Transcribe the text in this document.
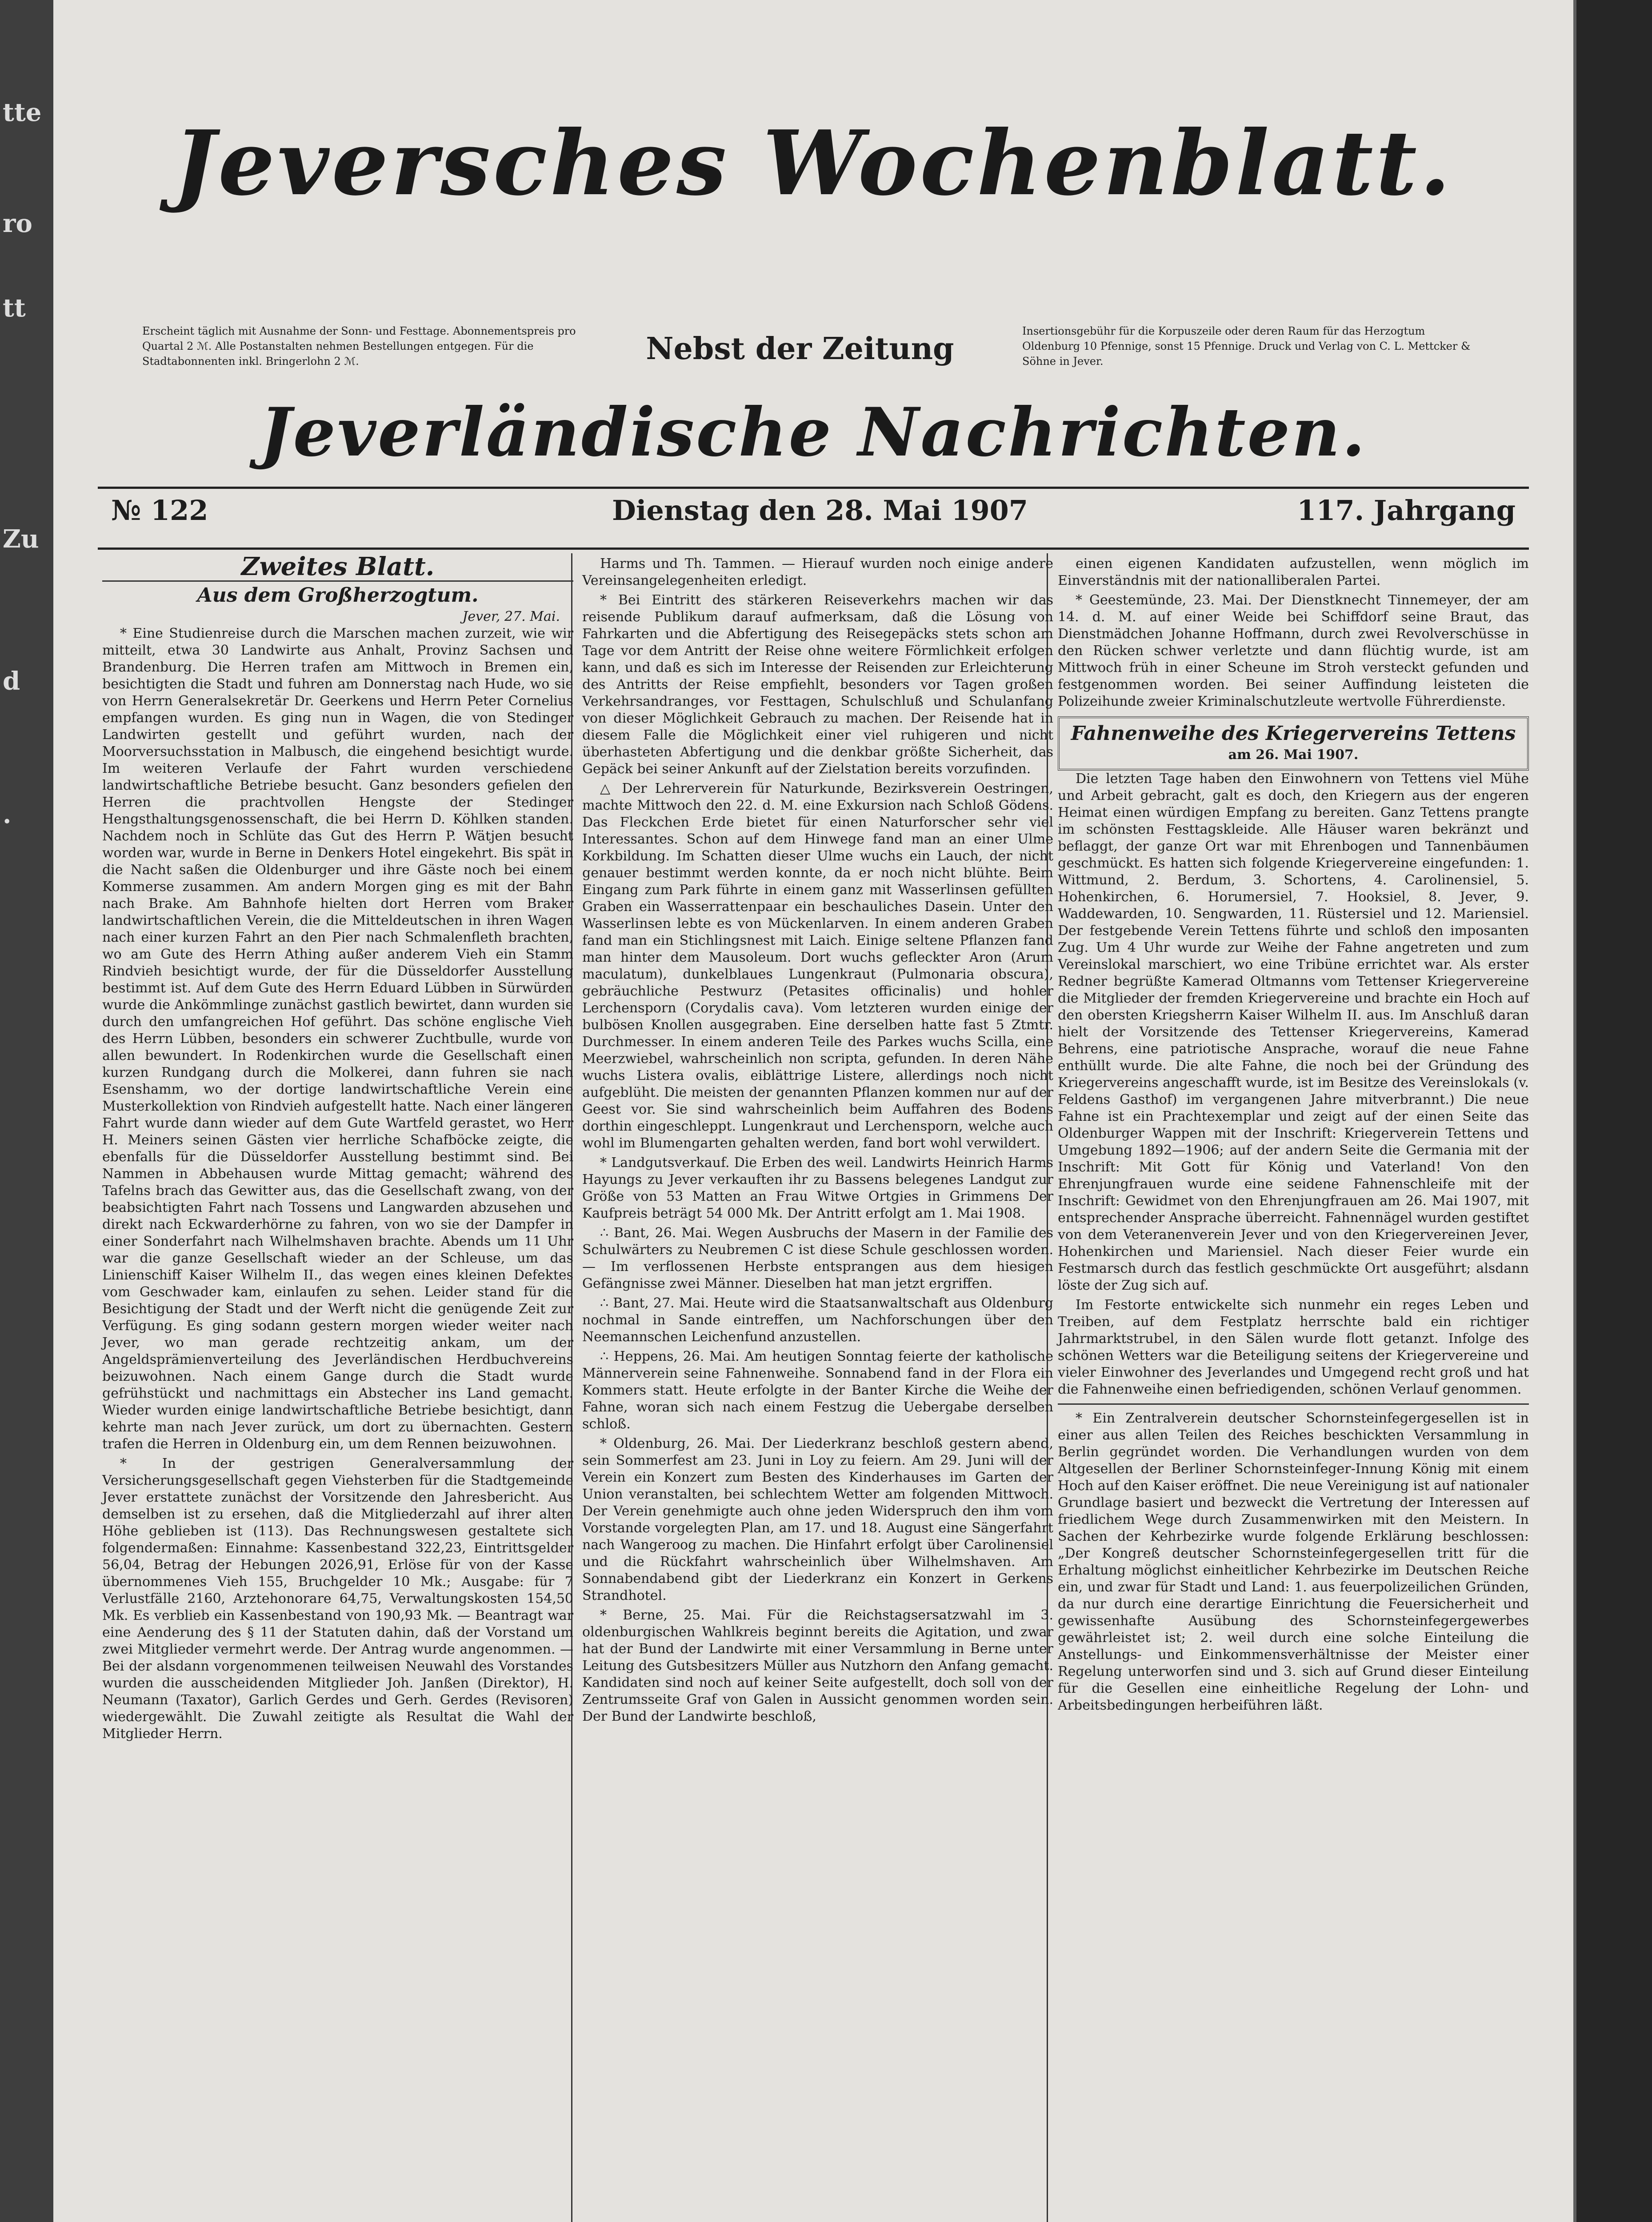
tte
ro
tt
Zu
d
.
Jeversches Wochenblatt.
Erscheint täglich mit Ausnahme der Sonn- und Festtage. Abonnementspreis pro Quartal 2 ℳ. Alle Postanstalten nehmen Bestellungen entgegen. Für die Stadtabonnenten inkl. Bringerlohn 2 ℳ.	Nebst der Zeitung	Insertionsgebühr für die Korpuszeile oder deren Raum für das Herzogtum Oldenburg 10 Pfennige, sonst 15 Pfennige. Druck und Verlag von C. L. Mettcker & Söhne in Jever.
Jeverländische Nachrichten.
№ 122	Dienstag den 28. Mai 1907	117. Jahrgang
Zweites Blatt.
Aus dem Großherzogtum.
Jever, 27. Mai.

* Eine Studienreise durch die Marschen machen zurzeit, wie wir mitteilt, etwa 30 Landwirte aus Anhalt, Provinz Sachsen und Brandenburg. Die Herren trafen am Mittwoch in Bremen ein, besichtigten die Stadt und fuhren am Donnerstag nach Hude, wo sie von Herrn Generalsekretär Dr. Geerkens und Herrn Peter Cornelius empfangen wurden. Es ging nun in Wagen, die von Stedinger Landwirten gestellt und geführt wurden, nach der Moorversuchsstation in Malbusch, die eingehend besichtigt wurde. Im weiteren Verlaufe der Fahrt wurden verschiedene landwirtschaftliche Betriebe besucht. Ganz besonders gefielen den Herren die prachtvollen Hengste der Stedinger Hengsthaltungsgenossenschaft, die bei Herrn D. Köhlken standen. Nachdem noch in Schlüte das Gut des Herrn P. Wätjen besucht worden war, wurde in Berne in Denkers Hotel eingekehrt. Bis spät in die Nacht saßen die Oldenburger und ihre Gäste noch bei einem Kommerse zusammen. Am andern Morgen ging es mit der Bahn nach Brake. Am Bahnhofe hielten dort Herren vom Braker landwirtschaftlichen Verein, die die Mitteldeutschen in ihren Wagen nach einer kurzen Fahrt an den Pier nach Schmalenfleth brachten, wo am Gute des Herrn Athing außer anderem Vieh ein Stamm Rindvieh besichtigt wurde, der für die Düsseldorfer Ausstellung bestimmt ist. Auf dem Gute des Herrn Eduard Lübben in Sürwürden wurde die Ankömmlinge zunächst gastlich bewirtet, dann wurden sie durch den umfangreichen Hof geführt. Das schöne englische Vieh des Herrn Lübben, besonders ein schwerer Zuchtbulle, wurde von allen bewundert. In Rodenkirchen wurde die Gesellschaft einen kurzen Rundgang durch die Molkerei, dann fuhren sie nach Esenshamm, wo der dortige landwirtschaftliche Verein eine Musterkollektion von Rindvieh aufgestellt hatte. Nach einer längeren Fahrt wurde dann wieder auf dem Gute Wartfeld gerastet, wo Herr H. Meiners seinen Gästen vier herrliche Schafböcke zeigte, die ebenfalls für die Düsseldorfer Ausstellung bestimmt sind. Bei Nammen in Abbehausen wurde Mittag gemacht; während des Tafelns brach das Gewitter aus, das die Gesellschaft zwang, von der beabsichtigten Fahrt nach Tossens und Langwarden abzusehen und direkt nach Eckwarderhörne zu fahren, von wo sie der Dampfer in einer Sonderfahrt nach Wilhelmshaven brachte. Abends um 11 Uhr war die ganze Gesellschaft wieder an der Schleuse, um das Linienschiff Kaiser Wilhelm II., das wegen eines kleinen Defektes vom Geschwader kam, einlaufen zu sehen. Leider stand für die Besichtigung der Stadt und der Werft nicht die genügende Zeit zur Verfügung. Es ging sodann gestern morgen wieder weiter nach Jever, wo man gerade rechtzeitig ankam, um der Angeldsprämienverteilung des Jeverländischen Herdbuchvereins beizuwohnen. Nach einem Gange durch die Stadt wurde gefrühstückt und nachmittags ein Abstecher ins Land gemacht. Wieder wurden einige landwirtschaftliche Betriebe besichtigt, dann kehrte man nach Jever zurück, um dort zu übernachten. Gestern trafen die Herren in Oldenburg ein, um dem Rennen beizuwohnen.

* In der gestrigen Generalversammlung der Versicherungsgesellschaft gegen Viehsterben für die Stadtgemeinde Jever erstattete zunächst der Vorsitzende den Jahresbericht. Aus demselben ist zu ersehen, daß die Mitgliederzahl auf ihrer alten Höhe geblieben ist (113). Das Rechnungswesen gestaltete sich folgendermaßen: Einnahme: Kassenbestand 322,23, Eintrittsgelder 56,04, Betrag der Hebungen 2026,91, Erlöse für von der Kasse übernommenes Vieh 155, Bruchgelder 10 Mk.; Ausgabe: für 7 Verlustfälle 2160, Arztehonorare 64,75, Verwaltungskosten 154,50 Mk. Es verblieb ein Kassenbestand von 190,93 Mk. — Beantragt war eine Aenderung des § 11 der Statuten dahin, daß der Vorstand um zwei Mitglieder vermehrt werde. Der Antrag wurde angenommen. — Bei der alsdann vorgenommenen teilweisen Neuwahl des Vorstandes wurden die ausscheidenden Mitglieder Joh. Janßen (Direktor), H. Neumann (Taxator), Garlich Gerdes und Gerh. Gerdes (Revisoren) wiedergewählt. Die Zuwahl zeitigte als Resultat die Wahl der Mitglieder Herrn.

Harms und Th. Tammen. — Hierauf wurden noch einige andere Vereinsangelegenheiten erledigt.

* Bei Eintritt des stärkeren Reiseverkehrs machen wir das reisende Publikum darauf aufmerksam, daß die Lösung von Fahrkarten und die Abfertigung des Reisegepäcks stets schon am Tage vor dem Antritt der Reise ohne weitere Förmlichkeit erfolgen kann, und daß es sich im Interesse der Reisenden zur Erleichterung des Antritts der Reise empfiehlt, besonders vor Tagen großen Verkehrsandranges, vor Festtagen, Schulschluß und Schulanfang von dieser Möglichkeit Gebrauch zu machen. Der Reisende hat in diesem Falle die Möglichkeit einer viel ruhigeren und nicht überhasteten Abfertigung und die denkbar größte Sicherheit, das Gepäck bei seiner Ankunft auf der Zielstation bereits vorzufinden.

△ Der Lehrerverein für Naturkunde, Bezirksverein Oestringen, machte Mittwoch den 22. d. M. eine Exkursion nach Schloß Gödens. Das Fleckchen Erde bietet für einen Naturforscher sehr viel Interessantes. Schon auf dem Hinwege fand man an einer Ulme Korkbildung. Im Schatten dieser Ulme wuchs ein Lauch, der nicht genauer bestimmt werden konnte, da er noch nicht blühte. Beim Eingang zum Park führte in einem ganz mit Wasserlinsen gefüllten Graben ein Wasserrattenpaar ein beschauliches Dasein. Unter den Wasserlinsen lebte es von Mückenlarven. In einem anderen Graben fand man ein Stichlingsnest mit Laich. Einige seltene Pflanzen fand man hinter dem Mausoleum. Dort wuchs gefleckter Aron (Arum maculatum), dunkelblaues Lungenkraut (Pulmonaria obscura), gebräuchliche Pestwurz (Petasites officinalis) und hohler Lerchensporn (Corydalis cava). Vom letzteren wurden einige der bulbösen Knollen ausgegraben. Eine derselben hatte fast 5 Ztmtr. Durchmesser. In einem anderen Teile des Parkes wuchs Scilla, eine Meerzwiebel, wahrscheinlich non scripta, gefunden. In deren Nähe wuchs Listera ovalis, eiblättrige Listere, allerdings noch nicht aufgeblüht. Die meisten der genannten Pflanzen kommen nur auf der Geest vor. Sie sind wahrscheinlich beim Auffahren des Bodens dorthin eingeschleppt. Lungenkraut und Lerchensporn, welche auch wohl im Blumengarten gehalten werden, fand bort wohl verwildert.

* Landgutsverkauf. Die Erben des weil. Landwirts Heinrich Harms Hayungs zu Jever verkauften ihr zu Bassens belegenes Landgut zur Größe von 53 Matten an Frau Witwe Ortgies in Grimmens Der Kaufpreis beträgt 54 000 Mk. Der Antritt erfolgt am 1. Mai 1908.

∴ Bant, 26. Mai. Wegen Ausbruchs der Masern in der Familie des Schulwärters zu Neubremen C ist diese Schule geschlossen worden. — Im verflossenen Herbste entsprangen aus dem hiesigen Gefängnisse zwei Männer. Dieselben hat man jetzt ergriffen.

∴ Bant, 27. Mai. Heute wird die Staatsanwaltschaft aus Oldenburg nochmal in Sande eintreffen, um Nachforschungen über den Neemannschen Leichenfund anzustellen.

∴ Heppens, 26. Mai. Am heutigen Sonntag feierte der katholische Männerverein seine Fahnenweihe. Sonnabend fand in der Flora ein Kommers statt. Heute erfolgte in der Banter Kirche die Weihe der Fahne, woran sich nach einem Festzug die Uebergabe derselben schloß.

* Oldenburg, 26. Mai. Der Liederkranz beschloß gestern abend, sein Sommerfest am 23. Juni in Loy zu feiern. Am 29. Juni will der Verein ein Konzert zum Besten des Kinderhauses im Garten der Union veranstalten, bei schlechtem Wetter am folgenden Mittwoch. Der Verein genehmigte auch ohne jeden Widerspruch den ihm vom Vorstande vorgelegten Plan, am 17. und 18. August eine Sängerfahrt nach Wangeroog zu machen. Die Hinfahrt erfolgt über Carolinensiel und die Rückfahrt wahrscheinlich über Wilhelmshaven. Am Sonnabendabend gibt der Liederkranz ein Konzert in Gerkens Strandhotel.

* Berne, 25. Mai. Für die Reichstagsersatzwahl im 3. oldenburgischen Wahlkreis beginnt bereits die Agitation, und zwar hat der Bund der Landwirte mit einer Versammlung in Berne unter Leitung des Gutsbesitzers Müller aus Nutzhorn den Anfang gemacht. Kandidaten sind noch auf keiner Seite aufgestellt, doch soll von der Zentrumsseite Graf von Galen in Aussicht genommen worden sein. Der Bund der Landwirte beschloß,

einen eigenen Kandidaten aufzustellen, wenn möglich im Einverständnis mit der nationalliberalen Partei.

* Geestemünde, 23. Mai. Der Dienstknecht Tinnemeyer, der am 14. d. M. auf einer Weide bei Schiffdorf seine Braut, das Dienstmädchen Johanne Hoffmann, durch zwei Revolverschüsse in den Rücken schwer verletzte und dann flüchtig wurde, ist am Mittwoch früh in einer Scheune im Stroh versteckt gefunden und festgenommen worden. Bei seiner Auffindung leisteten die Polizeihunde zweier Kriminalschutzleute wertvolle Führerdienste.

Fahnenweihe des Kriegervereins Tettens
am 26. Mai 1907.

Die letzten Tage haben den Einwohnern von Tettens viel Mühe und Arbeit gebracht, galt es doch, den Kriegern aus der engeren Heimat einen würdigen Empfang zu bereiten. Ganz Tettens prangte im schönsten Festtagskleide. Alle Häuser waren bekränzt und beflaggt, der ganze Ort war mit Ehrenbogen und Tannenbäumen geschmückt. Es hatten sich folgende Kriegervereine eingefunden: 1. Wittmund, 2. Berdum, 3. Schortens, 4. Carolinensiel, 5. Hohenkirchen, 6. Horumersiel, 7. Hooksiel, 8. Jever, 9. Waddewarden, 10. Sengwarden, 11. Rüstersiel und 12. Mariensiel. Der festgebende Verein Tettens führte und schloß den imposanten Zug. Um 4 Uhr wurde zur Weihe der Fahne angetreten und zum Vereinslokal marschiert, wo eine Tribüne errichtet war. Als erster Redner begrüßte Kamerad Oltmanns vom Tettenser Kriegervereine die Mitglieder der fremden Kriegervereine und brachte ein Hoch auf den obersten Kriegsherrn Kaiser Wilhelm II. aus. Im Anschluß daran hielt der Vorsitzende des Tettenser Kriegervereins, Kamerad Behrens, eine patriotische Ansprache, worauf die neue Fahne enthüllt wurde. Die alte Fahne, die noch bei der Gründung des Kriegervereins angeschafft wurde, ist im Besitze des Vereinslokals (v. Feldens Gasthof) im vergangenen Jahre mitverbrannt.) Die neue Fahne ist ein Prachtexemplar und zeigt auf der einen Seite das Oldenburger Wappen mit der Inschrift: Kriegerverein Tettens und Umgebung 1892—1906; auf der andern Seite die Germania mit der Inschrift: Mit Gott für König und Vaterland! Von den Ehrenjungfrauen wurde eine seidene Fahnenschleife mit der Inschrift: Gewidmet von den Ehrenjungfrauen am 26. Mai 1907, mit entsprechender Ansprache überreicht. Fahnennägel wurden gestiftet von dem Veteranenverein Jever und von den Kriegervereinen Jever, Hohenkirchen und Mariensiel. Nach dieser Feier wurde ein Festmarsch durch das festlich geschmückte Ort ausgeführt; alsdann löste der Zug sich auf.

Im Festorte entwickelte sich nunmehr ein reges Leben und Treiben, auf dem Festplatz herrschte bald ein richtiger Jahrmarktstrubel, in den Sälen wurde flott getanzt. Infolge des schönen Wetters war die Beteiligung seitens der Kriegervereine und vieler Einwohner des Jeverlandes und Umgegend recht groß und hat die Fahnenweihe einen befriedigenden, schönen Verlauf genommen.

* Ein Zentralverein deutscher Schornsteinfegergesellen ist in einer aus allen Teilen des Reiches beschickten Versammlung in Berlin gegründet worden. Die Verhandlungen wurden von dem Altgesellen der Berliner Schornsteinfeger-Innung König mit einem Hoch auf den Kaiser eröffnet. Die neue Vereinigung ist auf nationaler Grundlage basiert und bezweckt die Vertretung der Interessen auf friedlichem Wege durch Zusammenwirken mit den Meistern. In Sachen der Kehrbezirke wurde folgende Erklärung beschlossen: „Der Kongreß deutscher Schornsteinfegergesellen tritt für die Erhaltung möglichst einheitlicher Kehrbezirke im Deutschen Reiche ein, und zwar für Stadt und Land: 1. aus feuerpolizeilichen Gründen, da nur durch eine derartige Einrichtung die Feuersicherheit und gewissenhafte Ausübung des Schornsteinfegergewerbes gewährleistet ist; 2. weil durch eine solche Einteilung die Anstellungs- und Einkommensverhältnisse der Meister einer Regelung unterworfen sind und 3. sich auf Grund dieser Einteilung für die Gesellen eine einheitliche Regelung der Lohn- und Arbeitsbedingungen herbeiführen läßt.
